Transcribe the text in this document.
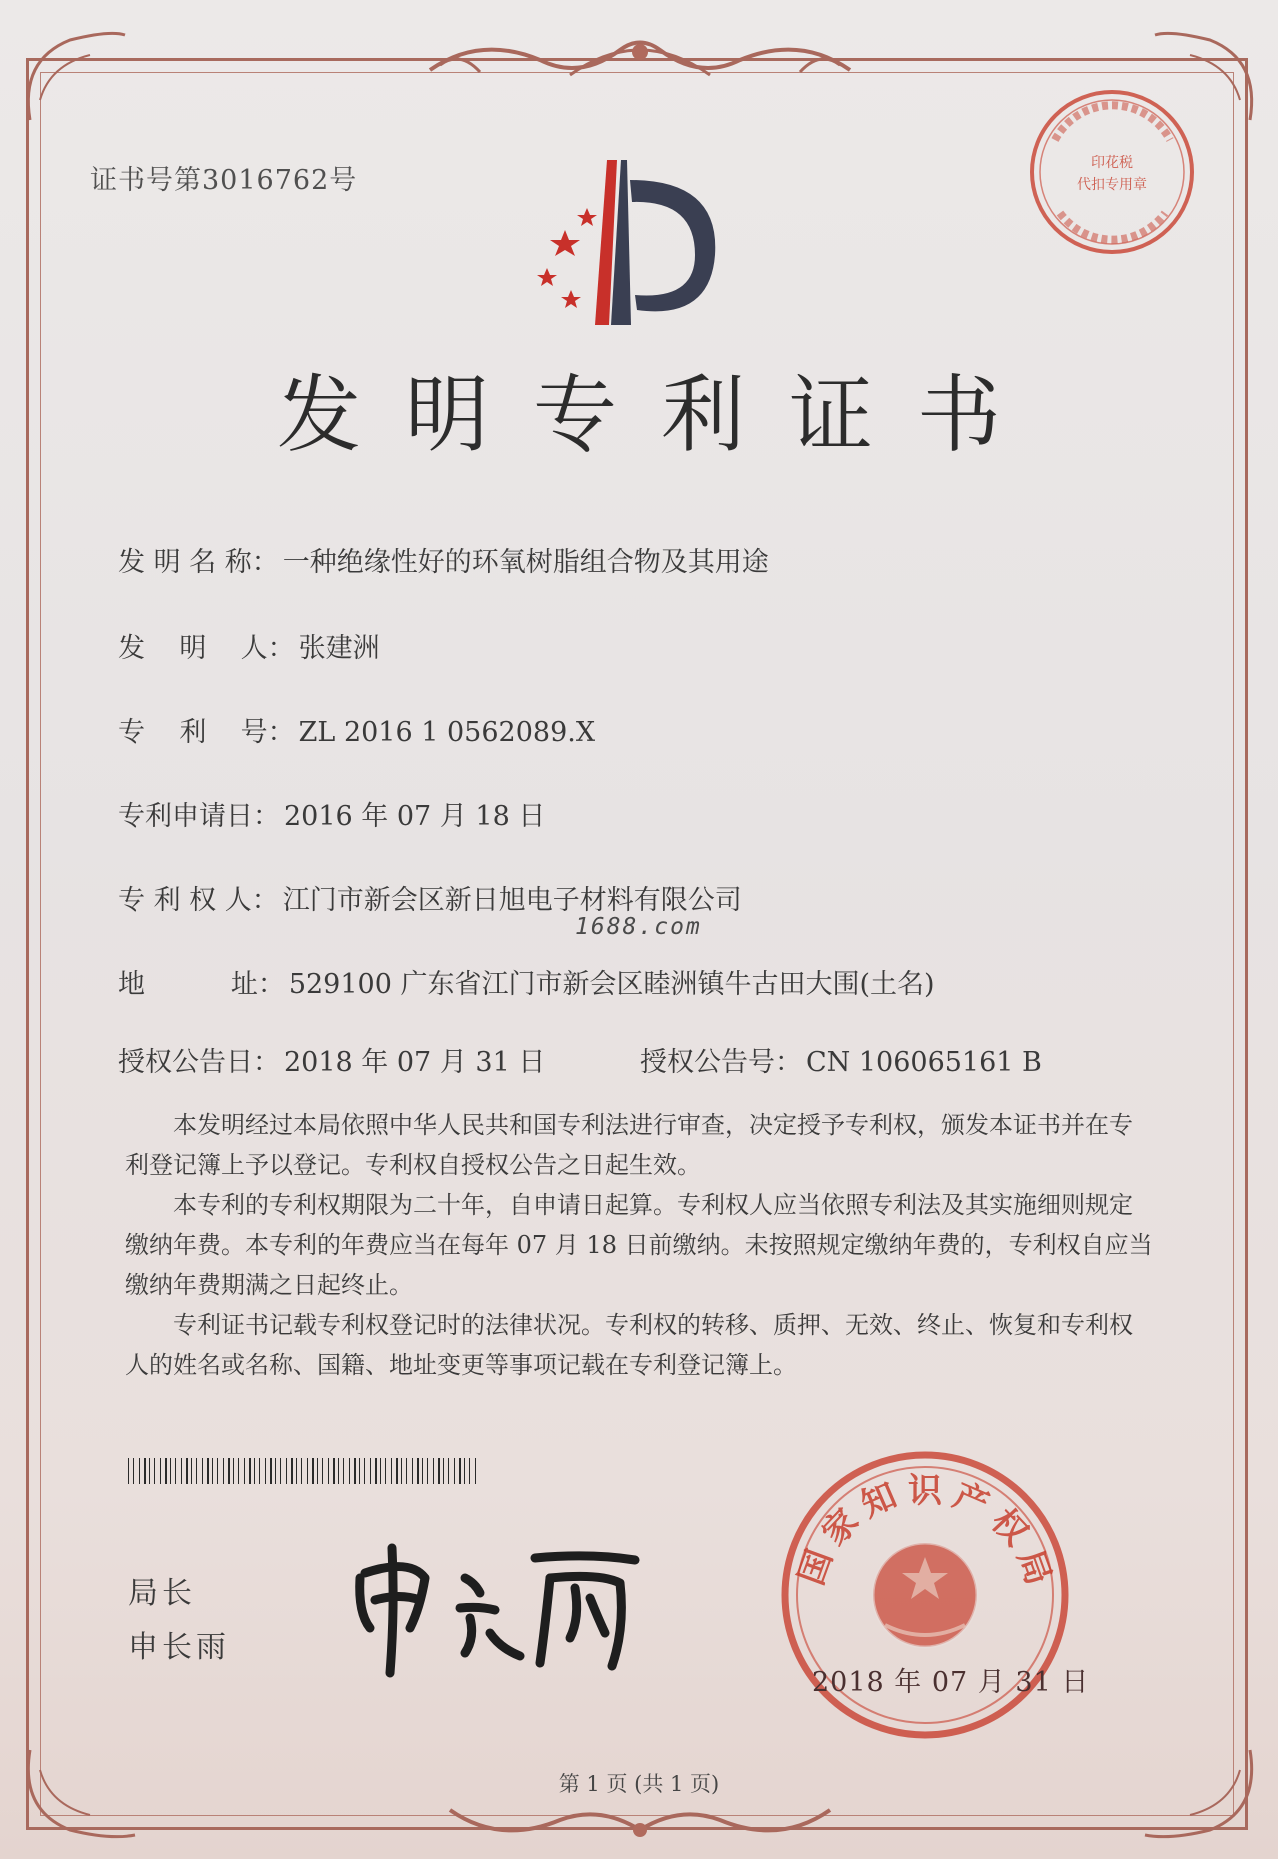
证书号第3016762号
印花税
代扣专用章
发明专利证书
发 明 名 称： 一种绝缘性好的环氧树脂组合物及其用途
发    明    人： 张建洲
专    利    号： ZL 2016 1 0562089.X
专利申请日： 2016 年 07 月 18 日
专 利 权 人： 江门市新会区新日旭电子材料有限公司
1688.com
地          址： 529100 广东省江门市新会区睦洲镇牛古田大围(土名)
授权公告日： 2018 年 07 月 31 日	授权公告号： CN 106065161 B

本发明经过本局依照中华人民共和国专利法进行审查，决定授予专利权，颁发本证书并在专利登记簿上予以登记。专利权自授权公告之日起生效。

本专利的专利权期限为二十年，自申请日起算。专利权人应当依照专利法及其实施细则规定缴纳年费。本专利的年费应当在每年 07 月 18 日前缴纳。未按照规定缴纳年费的，专利权自应当缴纳年费期满之日起终止。

专利证书记载专利权登记时的法律状况。专利权的转移、质押、无效、终止、恢复和专利权人的姓名或名称、国籍、地址变更等事项记载在专利登记簿上。

局长
申长雨
国
家
知 识 产
权
局
2018 年 07 月 31 日
第 1 页 (共 1 页)
